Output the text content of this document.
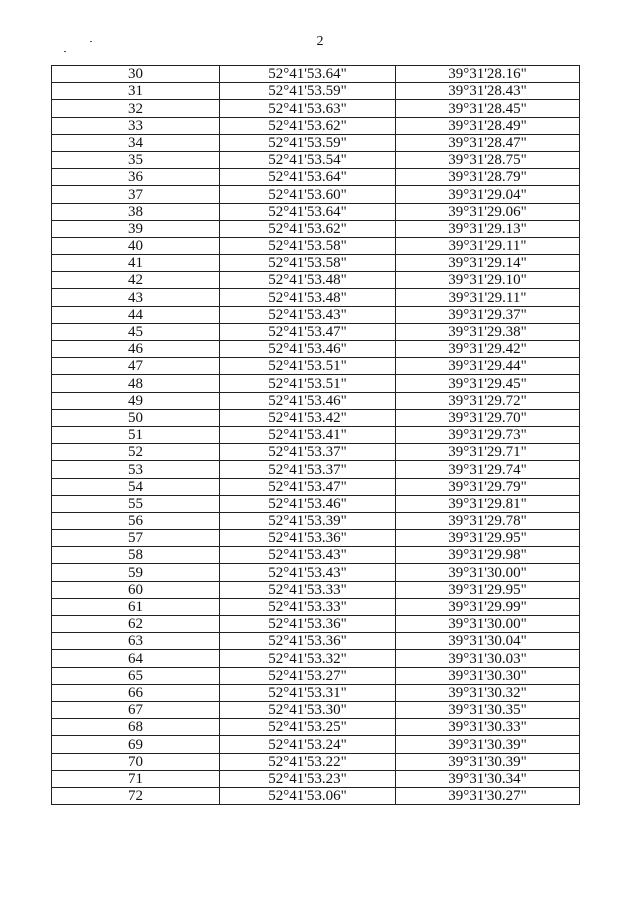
2
30	52°41'53.64"	39°31'28.16"
31	52°41'53.59"	39°31'28.43"
32	52°41'53.63"	39°31'28.45"
33	52°41'53.62"	39°31'28.49"
34	52°41'53.59"	39°31'28.47"
35	52°41'53.54"	39°31'28.75"
36	52°41'53.64"	39°31'28.79"
37	52°41'53.60"	39°31'29.04"
38	52°41'53.64"	39°31'29.06"
39	52°41'53.62"	39°31'29.13"
40	52°41'53.58"	39°31'29.11"
41	52°41'53.58"	39°31'29.14"
42	52°41'53.48"	39°31'29.10"
43	52°41'53.48"	39°31'29.11"
44	52°41'53.43"	39°31'29.37"
45	52°41'53.47"	39°31'29.38"
46	52°41'53.46"	39°31'29.42"
47	52°41'53.51"	39°31'29.44"
48	52°41'53.51"	39°31'29.45"
49	52°41'53.46"	39°31'29.72"
50	52°41'53.42"	39°31'29.70"
51	52°41'53.41"	39°31'29.73"
52	52°41'53.37"	39°31'29.71"
53	52°41'53.37"	39°31'29.74"
54	52°41'53.47"	39°31'29.79"
55	52°41'53.46"	39°31'29.81"
56	52°41'53.39"	39°31'29.78"
57	52°41'53.36"	39°31'29.95"
58	52°41'53.43"	39°31'29.98"
59	52°41'53.43"	39°31'30.00"
60	52°41'53.33"	39°31'29.95"
61	52°41'53.33"	39°31'29.99"
62	52°41'53.36"	39°31'30.00"
63	52°41'53.36"	39°31'30.04"
64	52°41'53.32"	39°31'30.03"
65	52°41'53.27"	39°31'30.30"
66	52°41'53.31"	39°31'30.32"
67	52°41'53.30"	39°31'30.35"
68	52°41'53.25"	39°31'30.33"
69	52°41'53.24"	39°31'30.39"
70	52°41'53.22"	39°31'30.39"
71	52°41'53.23"	39°31'30.34"
72	52°41'53.06"	39°31'30.27"
